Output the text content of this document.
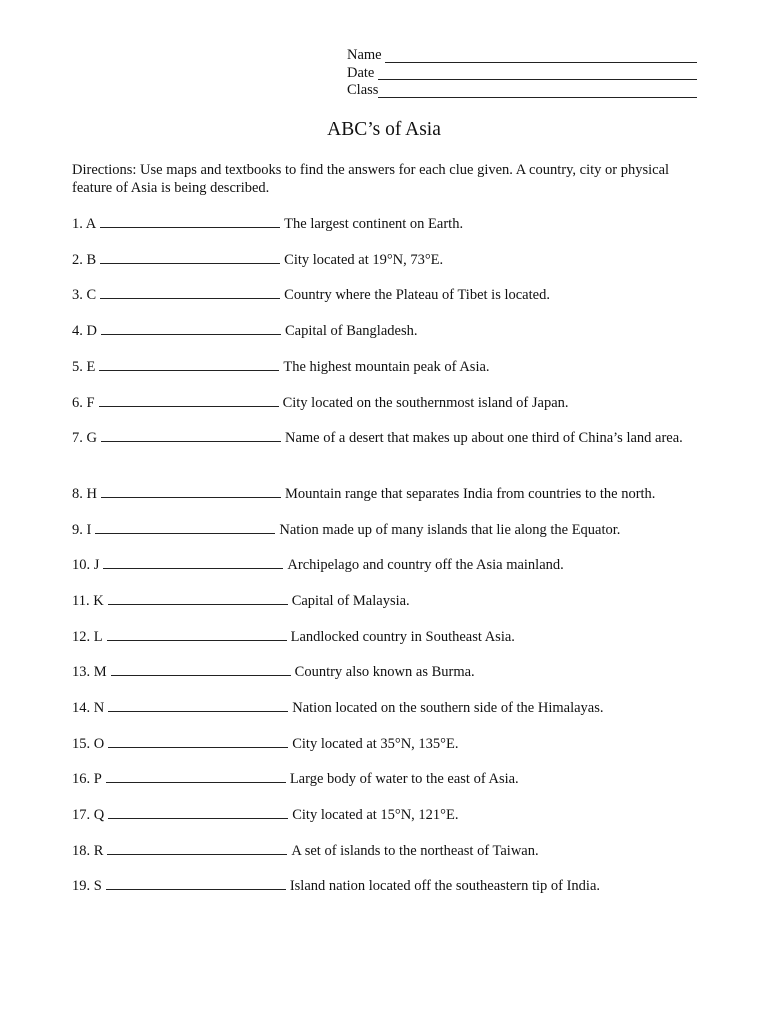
Name

Date

Class
ABC’s of Asia
Directions: Use maps and textbooks to find the answers for each clue given. A country, city or physical feature of Asia is being described.
1. A	The largest continent on Earth.
2. B	City located at 19°N, 73°E.
3. C	Country where the Plateau of Tibet is located.
4. D	Capital of Bangladesh.
5. E	The highest mountain peak of Asia.
6. F	City located on the southernmost island of Japan.
7. G	Name of a desert that makes up about one third of China’s land area.
8. H	Mountain range that separates India from countries to the north.
9. I	Nation made up of many islands that lie along the Equator.
10. J	Archipelago and country off the Asia mainland.
11. K	Capital of Malaysia.
12. L	Landlocked country in Southeast Asia.
13. M	Country also known as Burma.
14. N	Nation located on the southern side of the Himalayas.
15. O	City located at 35°N, 135°E.
16. P	Large body of water to the east of Asia.
17. Q	City located at 15°N, 121°E.
18. R	A set of islands to the northeast of Taiwan.
19. S	Island nation located off the southeastern tip of India.
